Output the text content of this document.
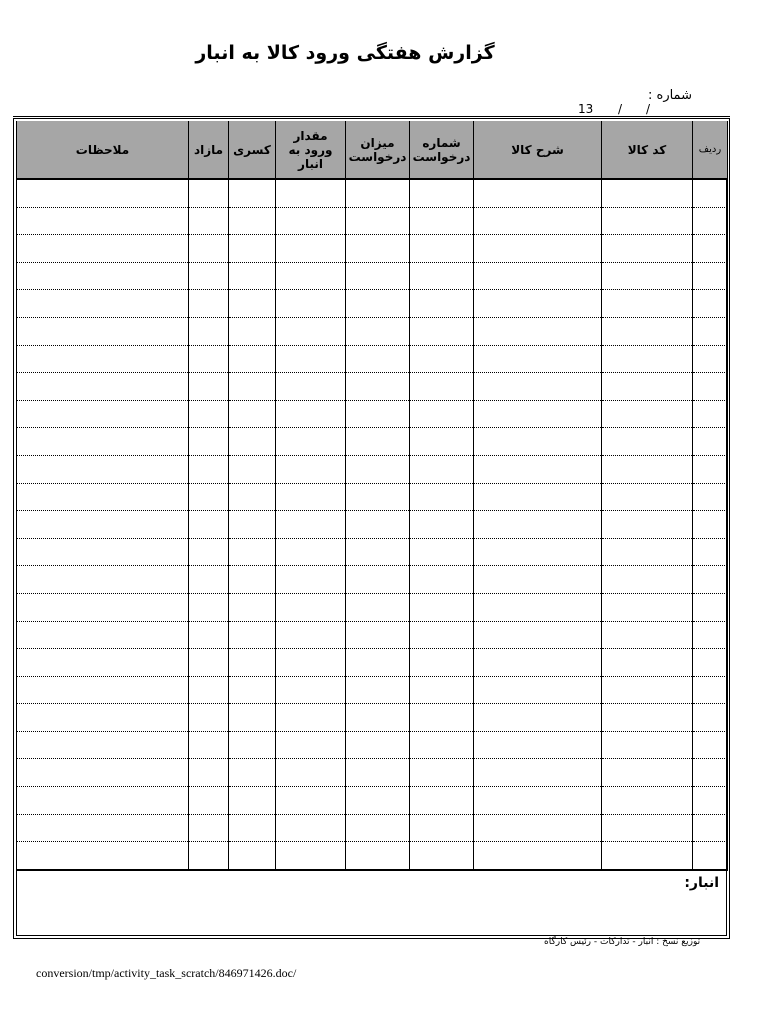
گزارش هفتگی ورود کالا به انبار
شماره :
13 / /
ردیف	کد کالا	شرح کالا	شماره درخواست	میزان درخواست	مقدار ورود به انبار	کسری	مازاد	ملاحظات

انبار:
توزیع نسخ : انبار - تدارکات - رئیس کارگاه
conversion/tmp/activity_task_scratch/846971426.doc/
